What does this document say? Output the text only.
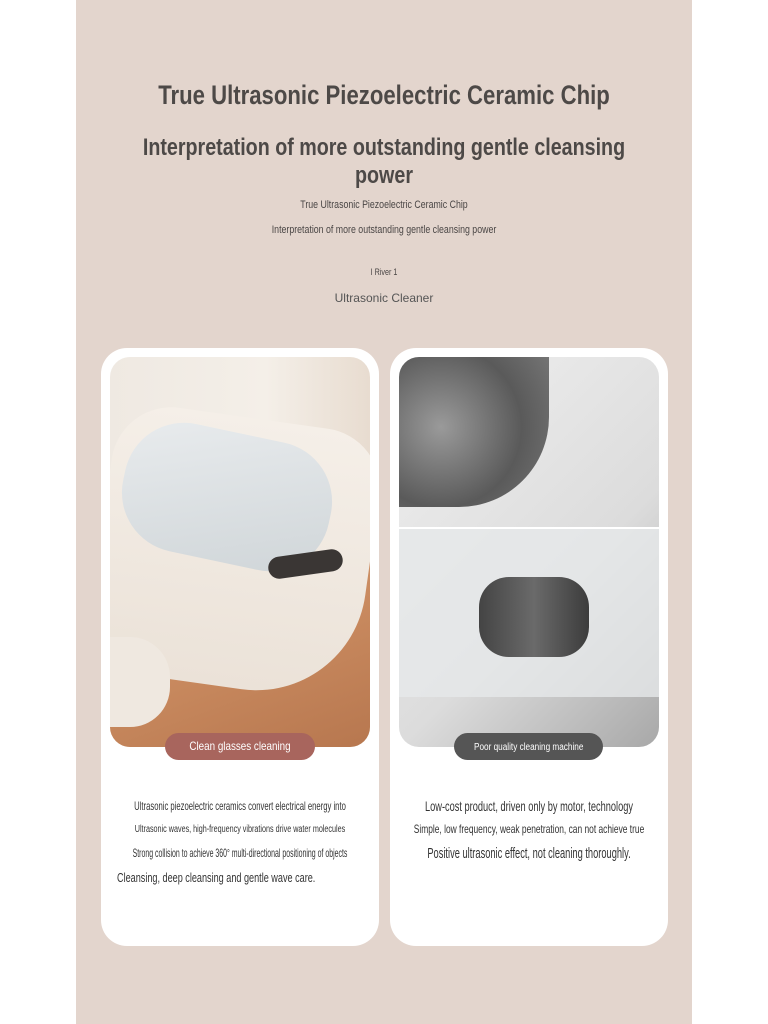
True Ultrasonic Piezoelectric Ceramic Chip
Interpretation of more outstanding gentle cleansing power
True Ultrasonic Piezoelectric Ceramic Chip
Interpretation of more outstanding gentle cleansing power
I River 1
Ultrasonic Cleaner
Poor quality cleaning machine
Low-cost product, driven only by motor, technology
Simple, low frequency, weak penetration, can not achieve true
Positive ultrasonic effect, not cleaning thoroughly.
Clean glasses cleaning machine
Ultrasonic piezoelectric ceramics convert electrical energy into
Ultrasonic waves, high-frequency vibrations drive water molecules
Strong collision to achieve 360° multi-directional positioning of objects
Cleansing, deep cleansing and gentle wave care.
